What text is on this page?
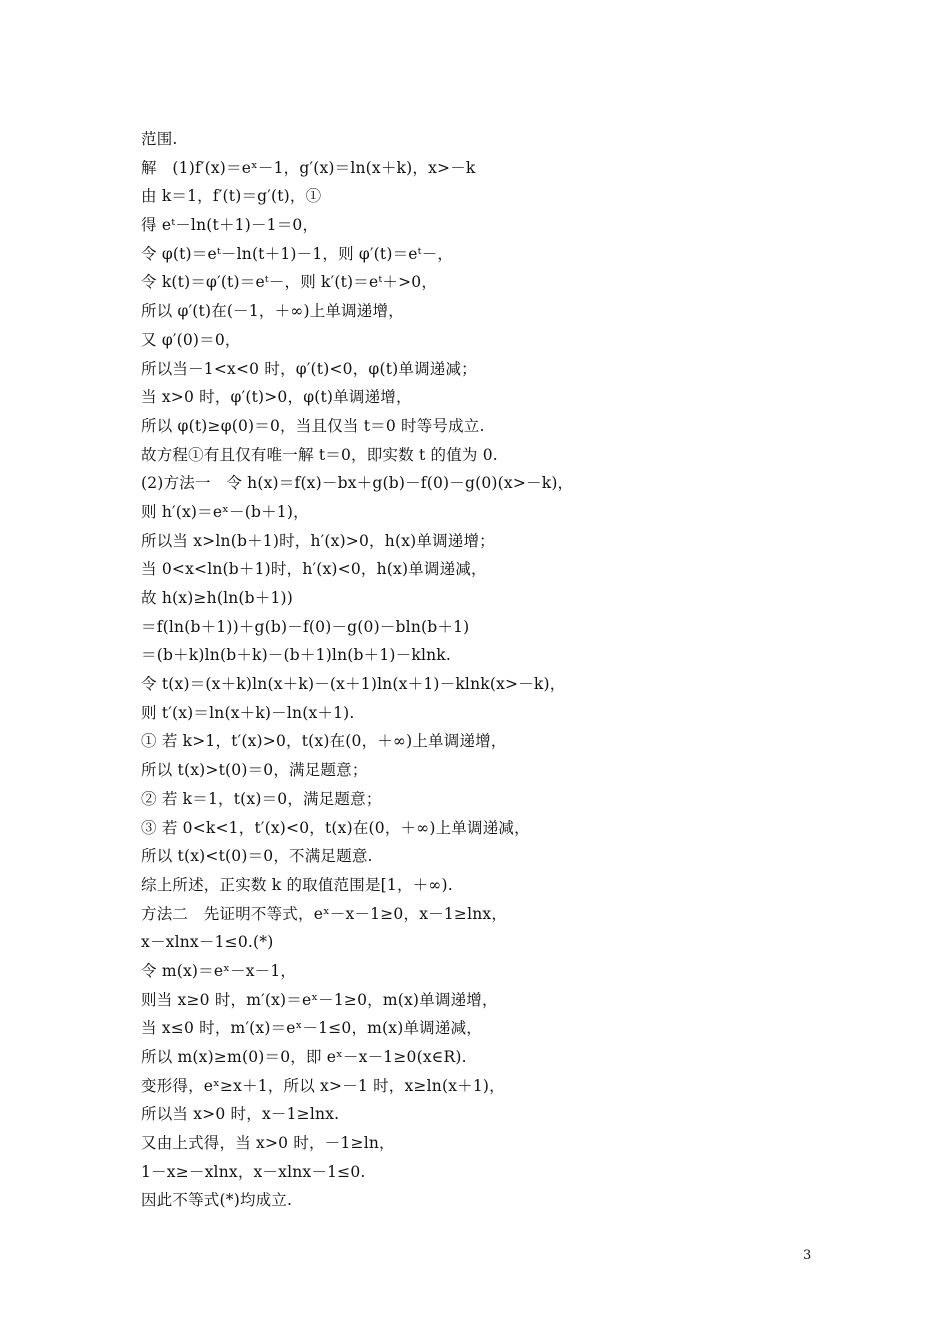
范围.
解　(1)f′(x)＝eˣ－1，g′(x)＝ln(x＋k)，x>－k
由 k＝1，f′(t)＝g′(t)，①
得 eᵗ－ln(t＋1)－1＝0，
令 φ(t)＝eᵗ－ln(t＋1)－1，则 φ′(t)＝eᵗ－，
令 k(t)＝φ′(t)＝eᵗ－，则 k′(t)＝eᵗ＋>0，
所以 φ′(t)在(－1，＋∞)上单调递增，
又 φ′(0)＝0，
所以当－1<x<0 时，φ′(t)<0，φ(t)单调递减；
当 x>0 时，φ′(t)>0，φ(t)单调递增，
所以 φ(t)≥φ(0)＝0，当且仅当 t＝0 时等号成立.
故方程①有且仅有唯一解 t＝0，即实数 t 的值为 0.
(2)方法一　令 h(x)＝f(x)－bx＋g(b)－f(0)－g(0)(x>－k)，
则 h′(x)＝eˣ－(b＋1)，
所以当 x>ln(b＋1)时，h′(x)>0，h(x)单调递增；
当 0<x<ln(b＋1)时，h′(x)<0，h(x)单调递减，
故 h(x)≥h(ln(b＋1))
＝f(ln(b＋1))＋g(b)－f(0)－g(0)－bln(b＋1)
＝(b＋k)ln(b＋k)－(b＋1)ln(b＋1)－klnk.
令 t(x)＝(x＋k)ln(x＋k)－(x＋1)ln(x＋1)－klnk(x>－k)，
则 t′(x)＝ln(x＋k)－ln(x＋1).
① 若 k>1，t′(x)>0，t(x)在(0，＋∞)上单调递增，
所以 t(x)>t(0)＝0，满足题意；
② 若 k＝1，t(x)＝0，满足题意；
③ 若 0<k<1，t′(x)<0，t(x)在(0，＋∞)上单调递减，
所以 t(x)<t(0)＝0，不满足题意.
综上所述，正实数 k 的取值范围是[1，＋∞).
方法二　先证明不等式，eˣ－x－1≥0，x－1≥lnx，
x－xlnx－1≤0.(*)
令 m(x)＝eˣ－x－1，
则当 x≥0 时，m′(x)＝eˣ－1≥0，m(x)单调递增，
当 x≤0 时，m′(x)＝eˣ－1≤0，m(x)单调递减，
所以 m(x)≥m(0)＝0，即 eˣ－x－1≥0(x∈R).
变形得，eˣ≥x＋1，所以 x>－1 时，x≥ln(x＋1)，
所以当 x>0 时，x－1≥lnx.
又由上式得，当 x>0 时，－1≥ln，
1－x≥－xlnx，x－xlnx－1≤0.
因此不等式(*)均成立.
3
